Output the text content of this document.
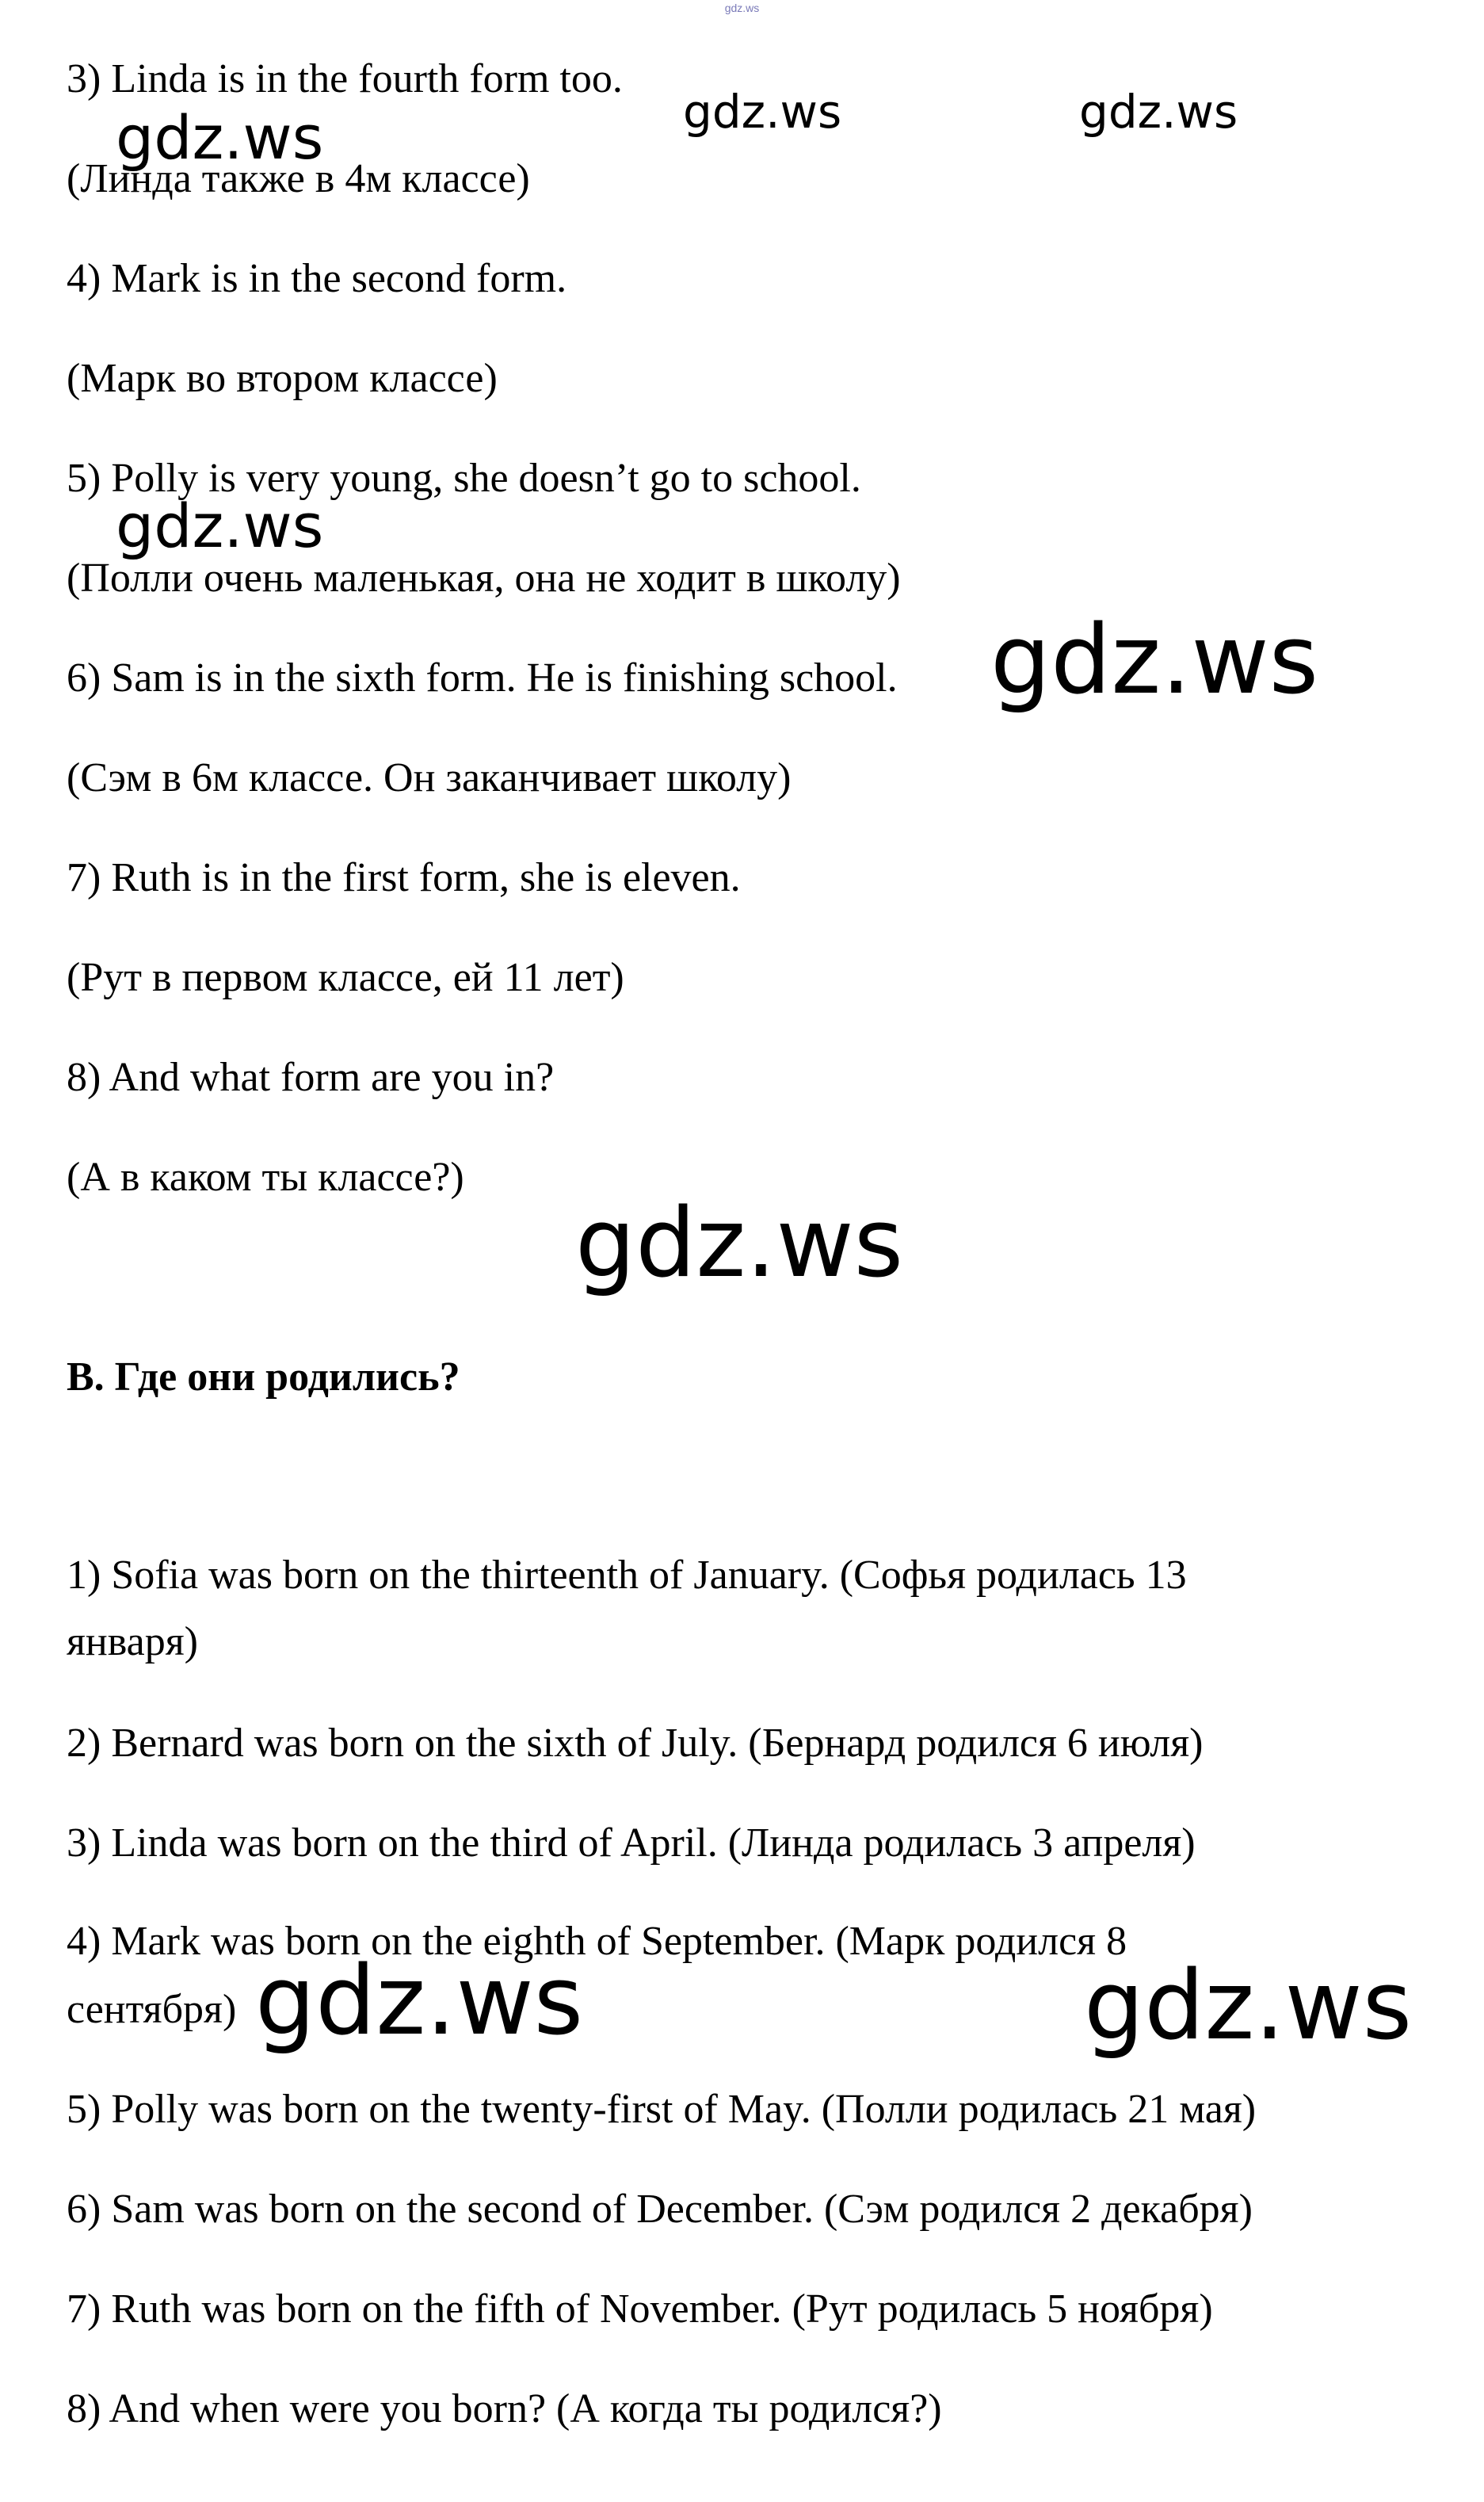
gdz.ws
3) Linda is in the fourth form too.
(Линда также в 4м классе)
4) Mark is in the second form.
(Марк во втором классе)
5) Polly is very young, she doesn’t go to school.
(Полли очень маленькая, она не ходит в школу)
6) Sam is in the sixth form. He is finishing school.
(Сэм в 6м классе. Он заканчивает школу)
7) Ruth is in the first form, she is eleven.
(Рут в первом классе, ей 11 лет)
8) And what form are you in?
(А в каком ты классе?)
B. Где они родились?
1) Sofia was born on the thirteenth of January. (Софья родилась 13
января)
2) Bernard was born on the sixth of July. (Бернард родился 6 июля)
3) Linda was born on the third of April. (Линда родилась 3 апреля)
4) Mark was born on the eighth of September. (Марк родился 8
сентября)
5) Polly was born on the twenty-first of May. (Полли родилась 21 мая)
6) Sam was born on the second of December. (Сэм родился 2 декабря)
7) Ruth was born on the fifth of November. (Рут родилась 5 ноября)
8) And when were you born? (А когда ты родился?)
gdz.ws	gdz.ws	gdz.ws
gdz.ws
gdz.ws
gdz.ws
gdz.ws	gdz.ws
